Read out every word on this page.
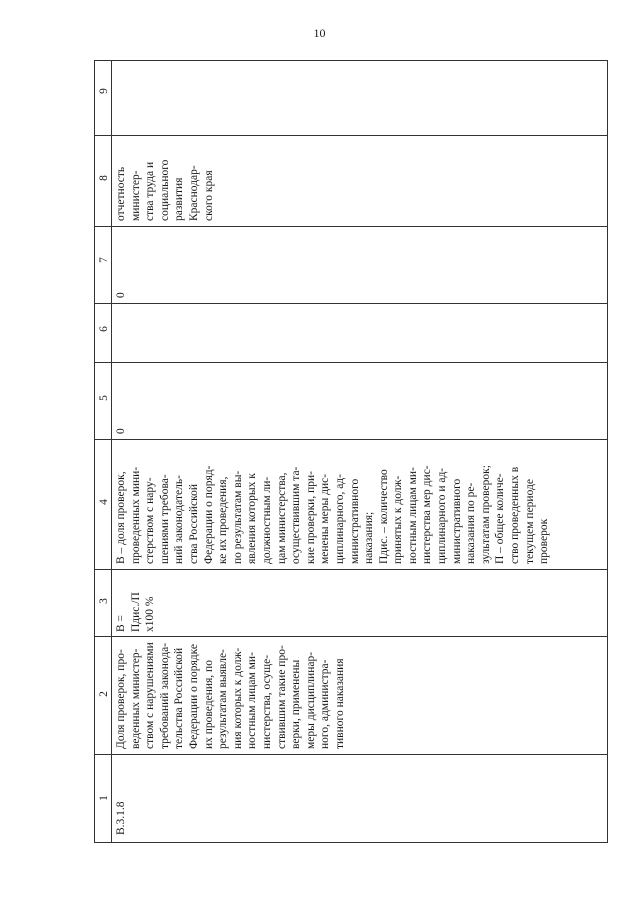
10
9
8
7
6
5
4
3
2
1
В.3.1.8
Доля проверок, про-
веденных министер-
ством с нарушениями
требований законода-
тельства Российской
Федерации о порядке
их проведения, по
результатам выявле-
ния которых к долж-
ностным лицам ми-
нистерства, осуще-
ствившим такие про-
верки, применены
меры дисциплинар-
ного, администра-
тивного наказания
В =
Пдис./П
х100 %
В – доля проверок,
проведенных мини-
стерством с нару-
шениями требова-
ний законодатель-
ства Российской
Федерации о поряд-
ке их проведения,
по результатам вы-
явления которых к
должностным ли-
цам министерства,
осуществившим та-
кие проверки, при-
менены меры дис-
циплинарного, ад-
министративного
наказания;
Пдис. – количество
принятых к долж-
ностным лицам ми-
нистерства мер дис-
циплинарного и ад-
министративного
наказания по ре-
зультатам проверок;
П – общее количе-
ство проведенных в
текущем периоде
проверок
0
0
отчетность
министер-
ства труда и
социального
развития
Краснодар-
ского края
